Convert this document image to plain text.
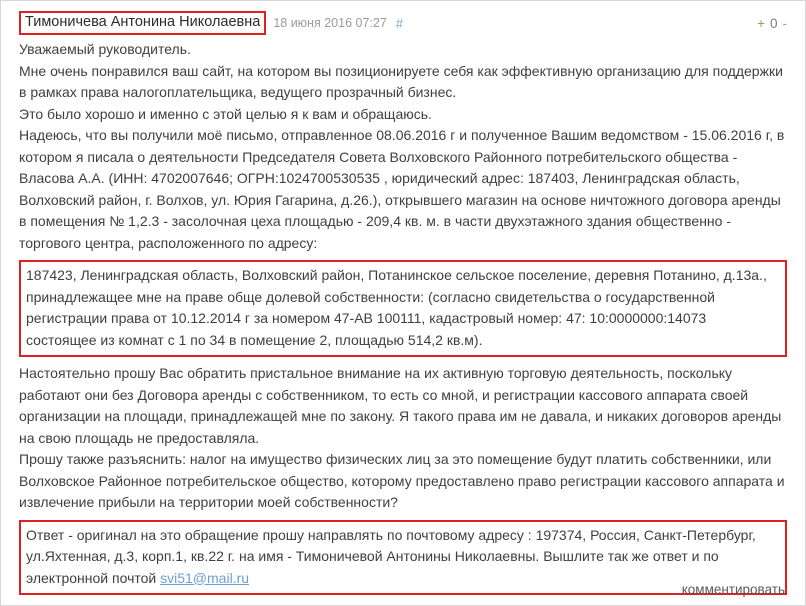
Тимоничева Антонина Николаевна	18 июня 2016 07:27 #	+ 0 -
Уважаемый руководитель.
Мне очень понравился ваш сайт, на котором вы позиционируете себя как эффективную организацию для поддержки в рамках права налогоплательщика, ведущего прозрачный бизнес.
Это было хорошо и именно с этой целью я к вам и обращаюсь.
Надеюсь, что вы получили моё письмо, отправленное 08.06.2016 г и полученное Вашим ведомством - 15.06.2016 г, в котором я писала о деятельности Председателя Совета Волховского Районного потребительского общества - Власова А.А. (ИНН: 4702007646; ОГРН:1024700530535 , юридический адрес: 187403, Ленинградская область, Волховский район, г. Волхов, ул. Юрия Гагарина, д.26.), открывшего магазин на основе ничтожного договора аренды в помещения № 1,2.3 - засолочная цеха площадью - 209,4 кв. м. в части двухэтажного здания общественно - торгового центра, расположенного по адресу:
187423, Ленинградская область, Волховский район, Потанинское сельское поселение, деревня Потанино, д.13а., принадлежащее мне на праве обще долевой собственности: (согласно свидетельства о государственной регистрации права от 10.12.2014 г за номером 47-АВ 100111, кадастровый номер: 47: 10:0000000:14073 состоящее из комнат с 1 по 34 в помещение 2, площадью 514,2 кв.м).
Настоятельно прошу Вас обратить пристальное внимание на их активную торговую деятельность, поскольку работают они без Договора аренды с собственником, то есть со мной, и регистрации кассового аппарата своей организации на площади, принадлежащей мне по закону. Я такого права им не давала, и никаких договоров аренды на свою площадь не предоставляла.
Прошу также разъяснить: налог на имущество физических лиц за это помещение будут платить собственники, или Волховское Районное потребительское общество, которому предоставлено право регистрации кассового аппарата и извлечение прибыли на территории моей собственности?
Ответ - оригинал на это обращение прошу направлять по почтовому адресу : 197374, Россия, Санкт-Петербург, ул.Яхтенная, д.3, корп.1, кв.22 г. на имя - Тимоничевой Антонины Николаевны. Вышлите так же ответ и по электронной почтой svi51@mail.ru
комментировать
